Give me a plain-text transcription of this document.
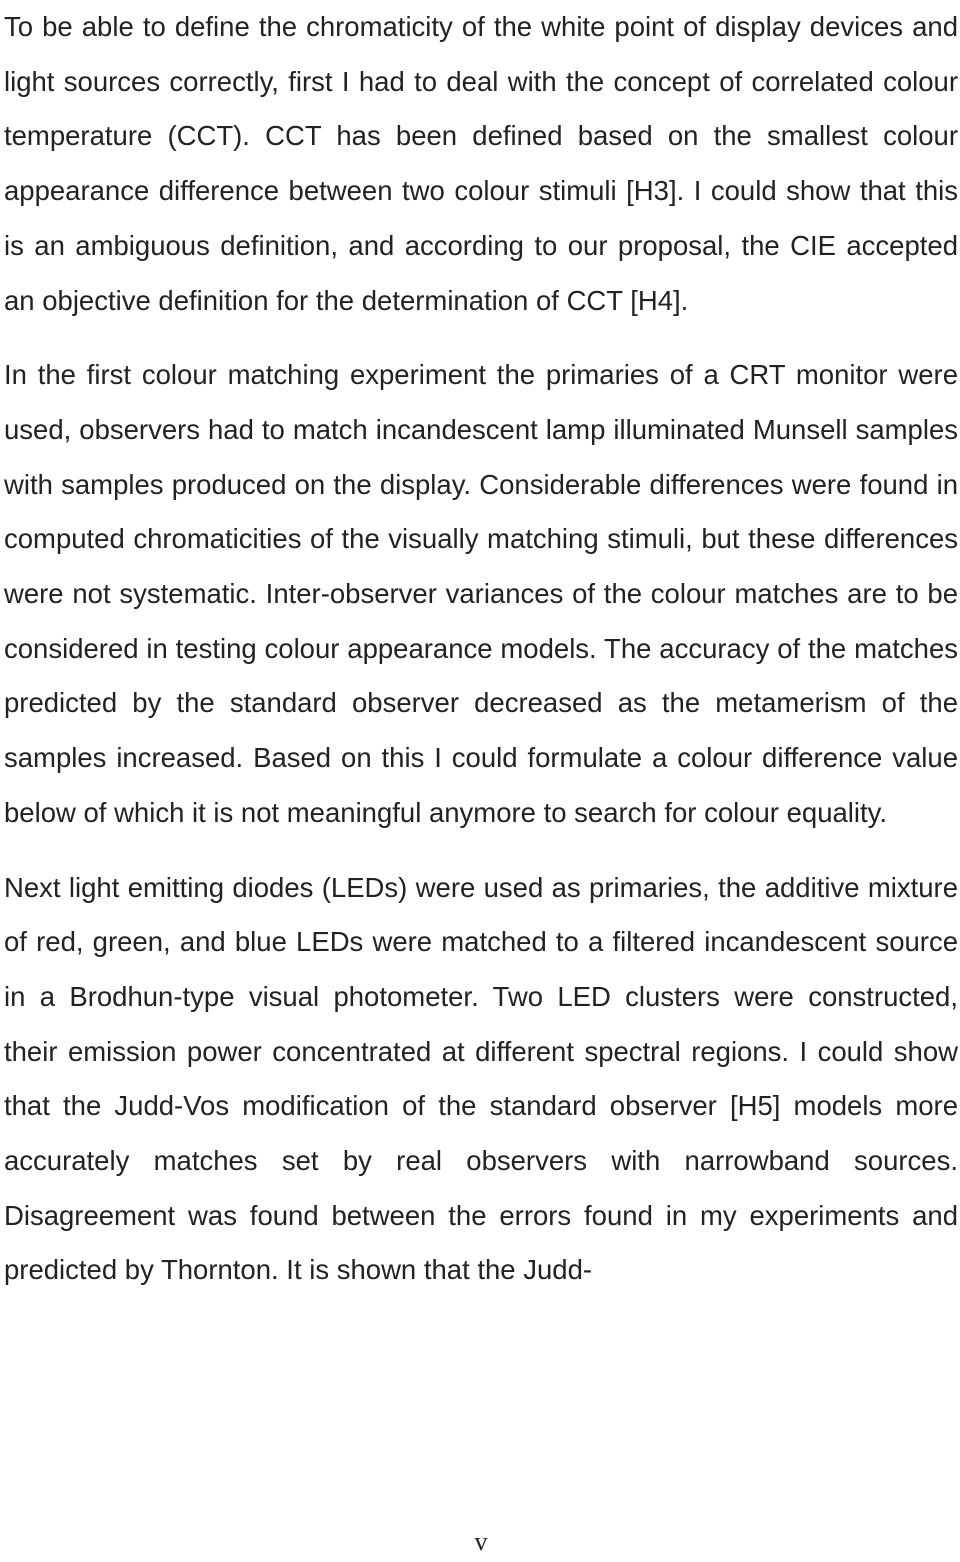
To be able to define the chromaticity of the white point of display devices and light sources correctly, first I had to deal with the concept of correlated colour temperature (CCT). CCT has been defined based on the smallest colour appearance difference between two colour stimuli [H3]. I could show that this is an ambiguous definition, and according to our proposal, the CIE accepted an objective definition for the determination of CCT [H4].

In the first colour matching experiment the primaries of a CRT monitor were used, observers had to match incandescent lamp illuminated Munsell samples with samples produced on the display. Considerable differences were found in computed chromaticities of the visually matching stimuli, but these differences were not systematic. Inter-observer variances of the colour matches are to be considered in testing colour appearance models. The accuracy of the matches predicted by the standard observer decreased as the metamerism of the samples increased. Based on this I could formulate a colour difference value below of which it is not meaningful anymore to search for colour equality.

Next light emitting diodes (LEDs) were used as primaries, the additive mixture of red, green, and blue LEDs were matched to a filtered incandescent source in a Brodhun-type visual photometer. Two LED clusters were constructed, their emission power concentrated at different spectral regions. I could show that the Judd-Vos modification of the standard observer [H5] models more accurately matches set by real observers with narrowband sources. Disagreement was found between the errors found in my experiments and predicted by Thornton. It is shown that the Judd-

v
